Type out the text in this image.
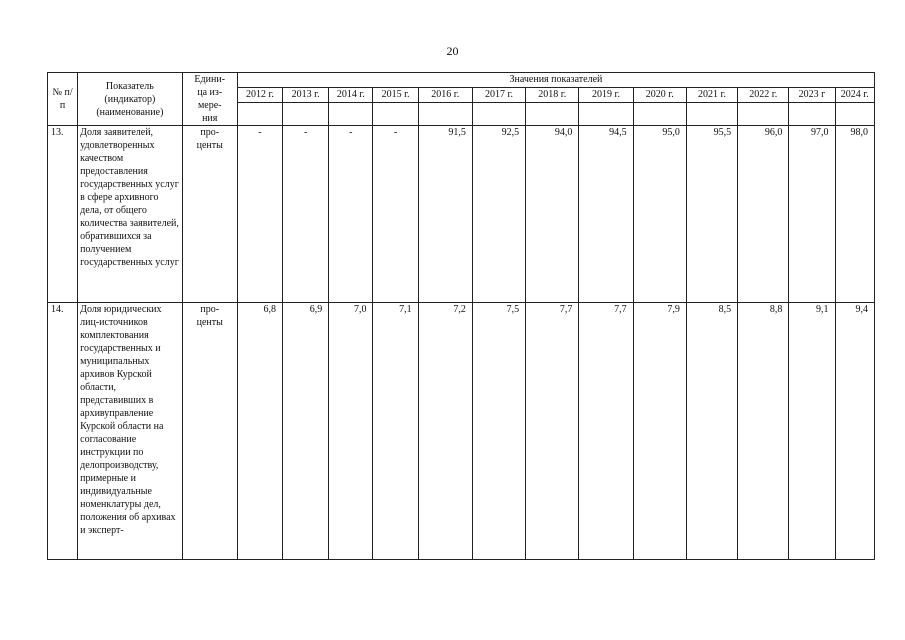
20
№ п/п	Показатель (индикатор) (наименование)	Едини-
ца из-
мере-
ния	Значения показателей												
			2012 г.	2013 г.	2014 г.	2015 г.	2016 г.	2017 г.	2018 г.	2019 г.	2020 г.	2021 г.	2022 г.	2023 г	2024 г.

13.	Доля заявителей, удовлетворенных качеством предоставления государственных услуг в сфере архивного дела, от общего количества заявителей, обратившихся за получением государственных услуг	про-
центы	-	-	-	-	91,5	92,5	94,0	94,5	95,0	95,5	96,0	97,0	98,0
14.	Доля юридических лиц-источников комплектования государственных и муниципальных архивов Курской области, представивших в архивуправление Курской области на согласование инструкции по делопроизводству, примерные и индивидуальные номенклатуры дел, положения об архивах и эксперт-	про-
центы	6,8	6,9	7,0	7,1	7,2	7,5	7,7	7,7	7,9	8,5	8,8	9,1	9,4
